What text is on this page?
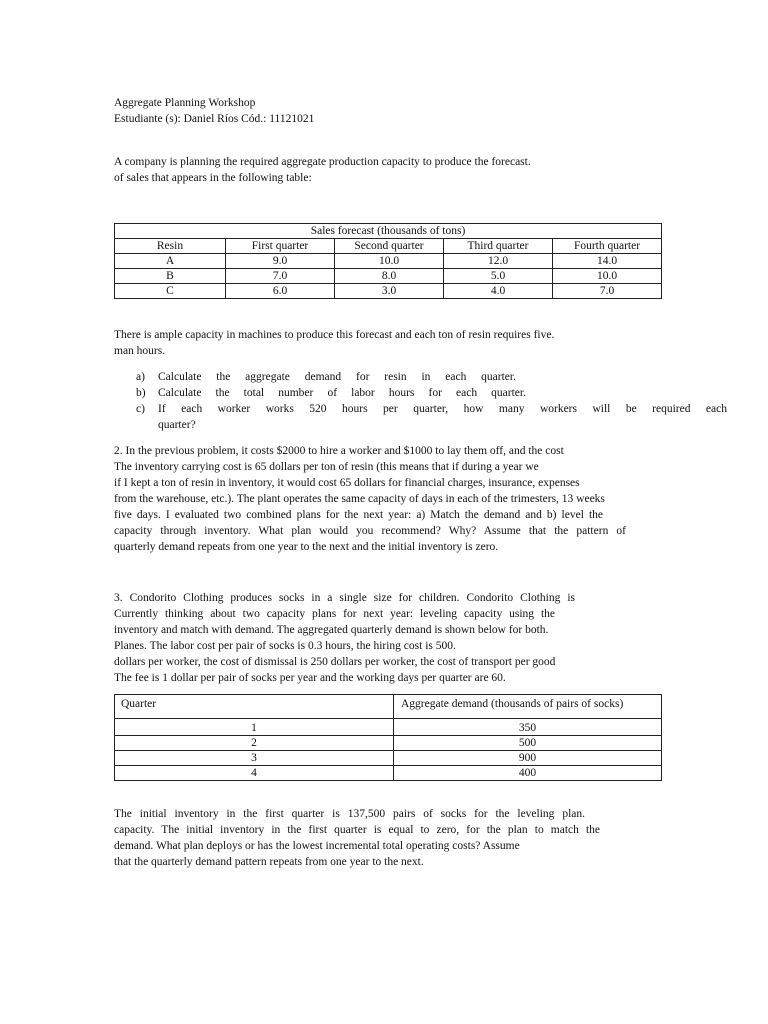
Aggregate Planning Workshop
Estudiante (s): Daniel Ríos Cód.: 11121021
A company is planning the required aggregate production capacity to produce the forecast.
of sales that appears in the following table:
Sales forecast (thousands of tons)				
Resin	First quarter	Second quarter	Third quarter	Fourth quarter
A	9.0	10.0	12.0	14.0
B	7.0	8.0	5.0	10.0
C	6.0	3.0	4.0	7.0
There is ample capacity in machines to produce this forecast and each ton of resin requires five.
man hours.
a) Calculate the aggregate demand for resin in each quarter.
b) Calculate the total number of labor hours for each quarter.
c) If each worker works 520 hours per quarter, how many workers will be required each
quarter?
2. In the previous problem, it costs $2000 to hire a worker and $1000 to lay them off, and the cost
The inventory carrying cost is 65 dollars per ton of resin (this means that if during a year we
if I kept a ton of resin in inventory, it would cost 65 dollars for financial charges, insurance, expenses
from the warehouse, etc.). The plant operates the same capacity of days in each of the trimesters, 13 weeks
five days. I evaluated two combined plans for the next year: a) Match the demand and b) level the
capacity through inventory. What plan would you recommend? Why? Assume that the pattern of
quarterly demand repeats from one year to the next and the initial inventory is zero.
3. Condorito Clothing produces socks in a single size for children. Condorito Clothing is
Currently thinking about two capacity plans for next year: leveling capacity using the
inventory and match with demand. The aggregated quarterly demand is shown below for both.
Planes. The labor cost per pair of socks is 0.3 hours, the hiring cost is 500.
dollars per worker, the cost of dismissal is 250 dollars per worker, the cost of transport per good
The fee is 1 dollar per pair of socks per year and the working days per quarter are 60.
Quarter	Aggregate demand (thousands of pairs of socks)
1	350
2	500
3	900
4	400
The initial inventory in the first quarter is 137,500 pairs of socks for the leveling plan.
capacity. The initial inventory in the first quarter is equal to zero, for the plan to match the
demand. What plan deploys or has the lowest incremental total operating costs? Assume
that the quarterly demand pattern repeats from one year to the next.
